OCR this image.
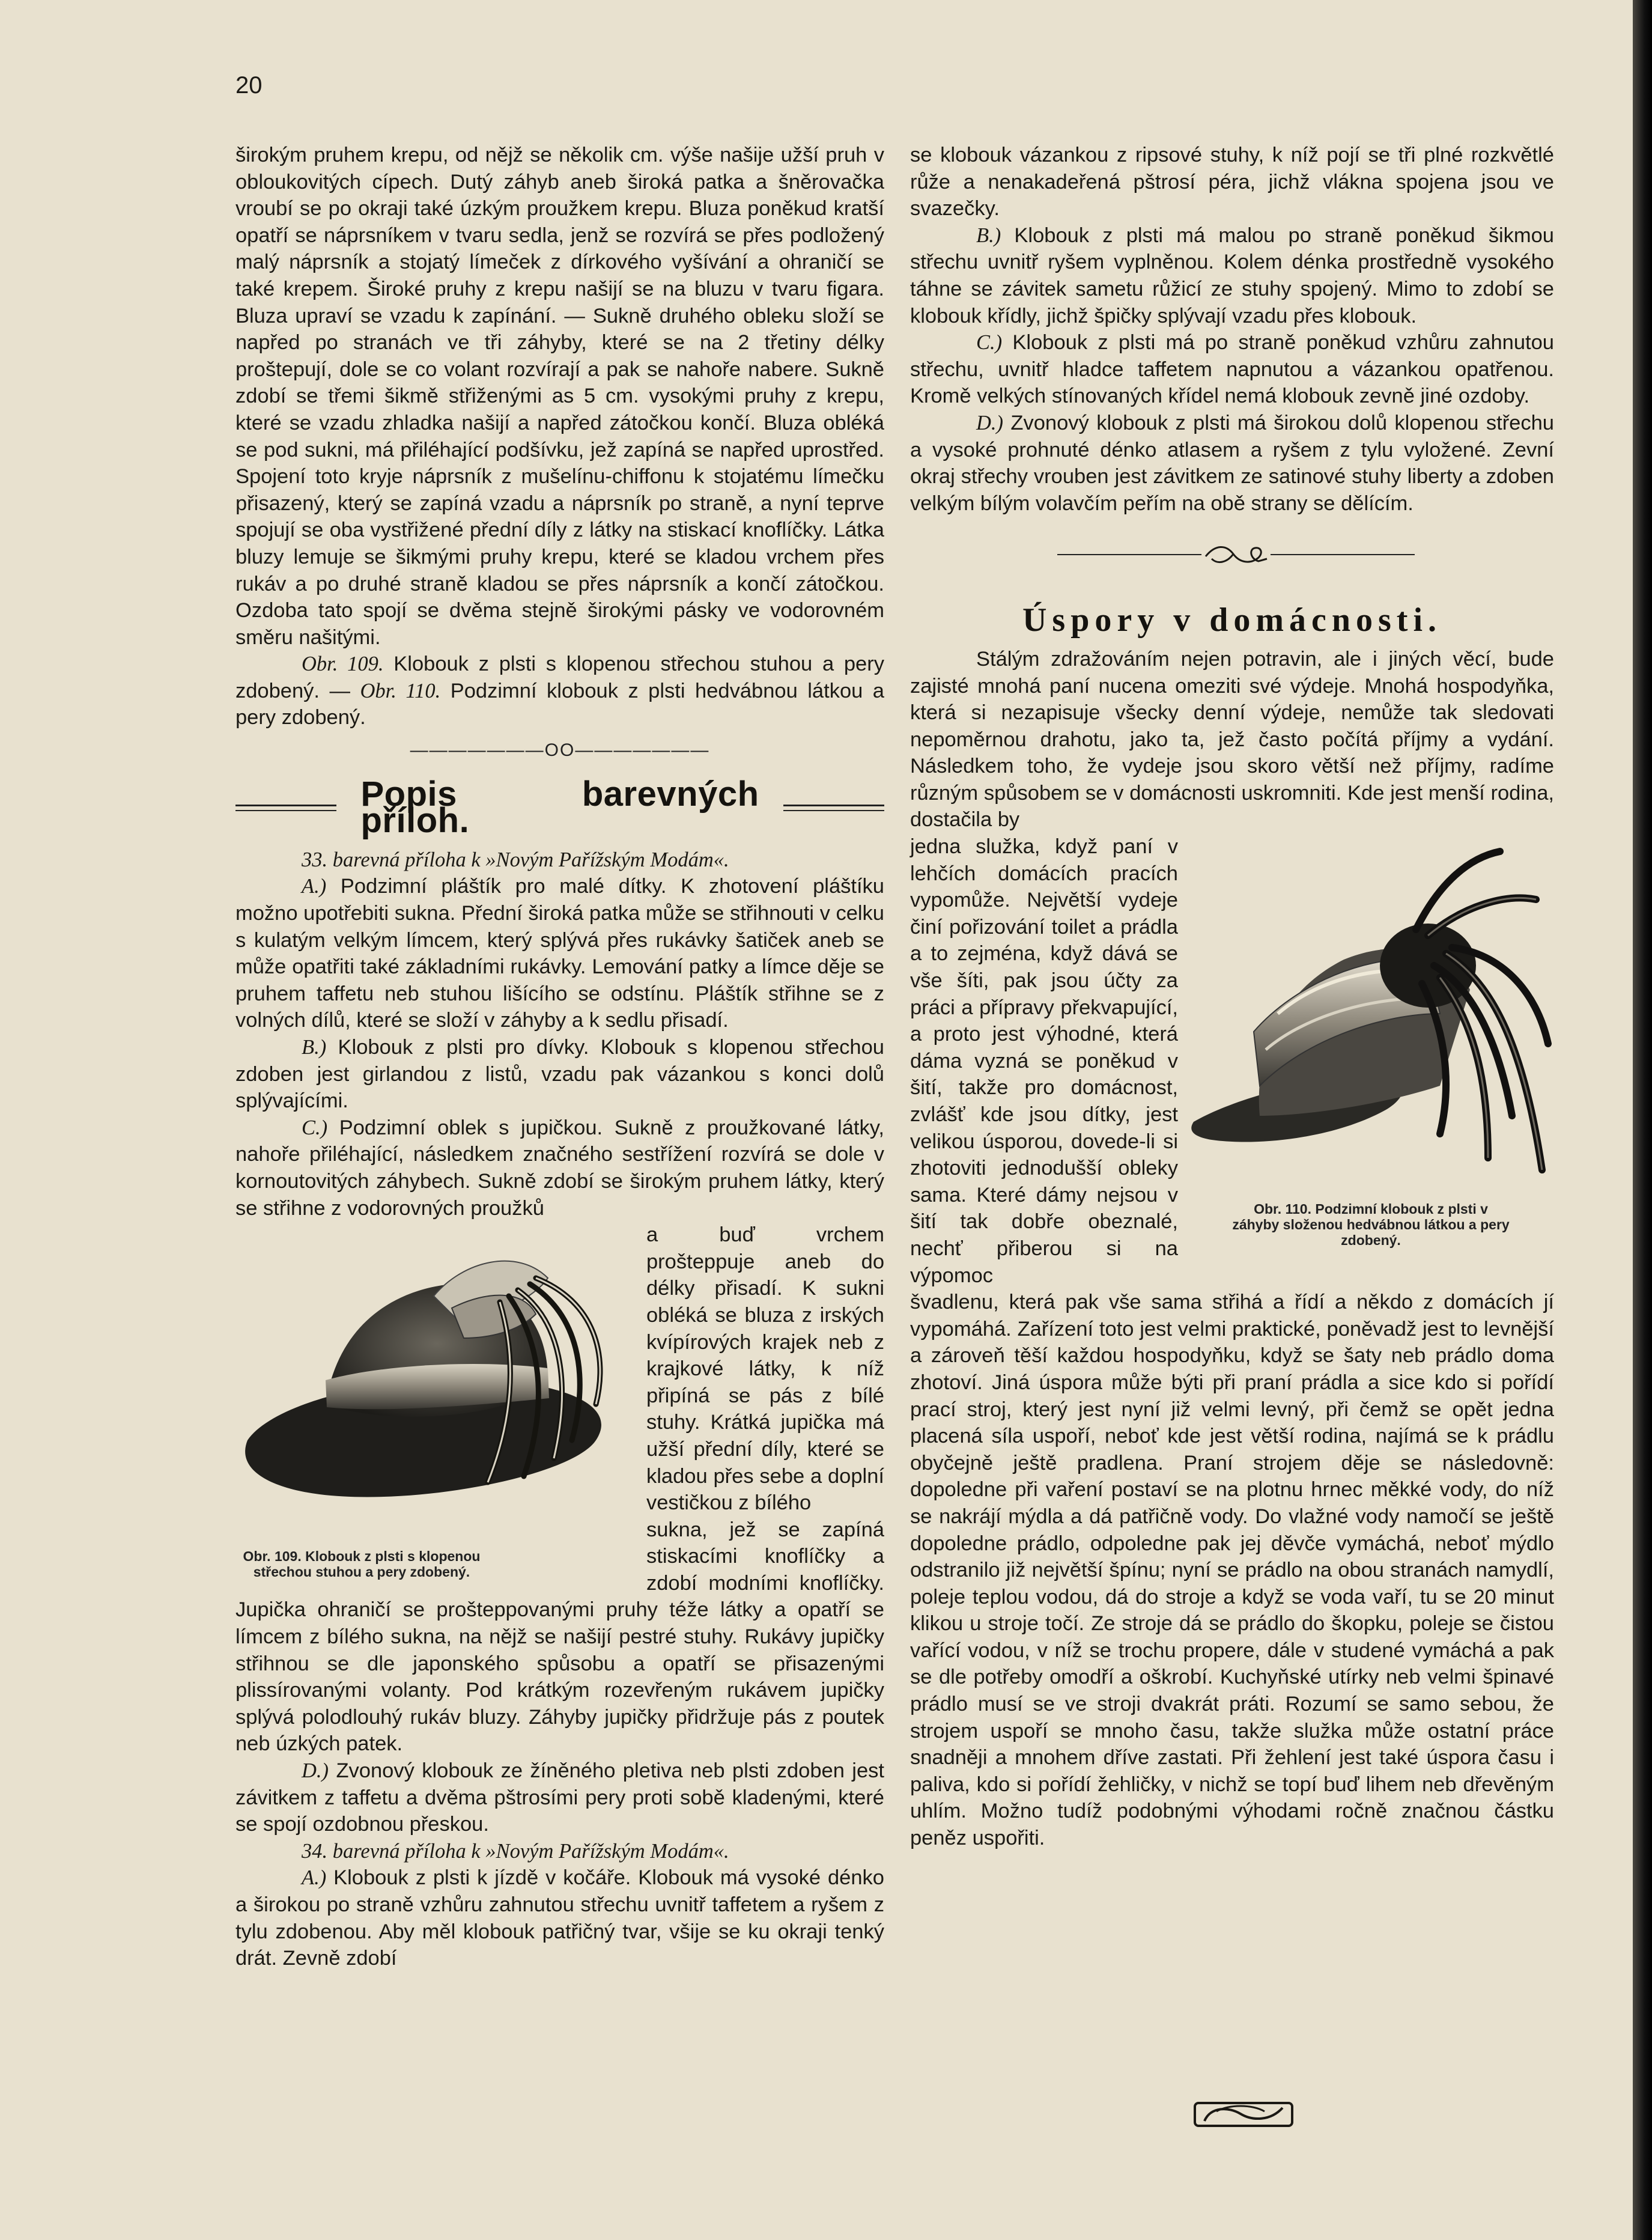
20

širokým pruhem krepu, od nějž se několik cm. výše našije užší pruh v obloukovitých cípech. Dutý záhyb aneb široká patka a šněrovačka vroubí se po okraji také úzkým proužkem krepu. Bluza poněkud kratší opatří se náprsníkem v tvaru sedla, jenž se rozvírá se přes podložený malý náprsník a stojatý límeček z dírkového vyšívání a ohraničí se také krepem. Široké pruhy z krepu našijí se na bluzu v tvaru figara. Bluza upraví se vzadu k zapínání. — Sukně druhého obleku složí se napřed po stranách ve tři záhyby, které se na 2 třetiny délky proštepují, dole se co volant rozvírají a pak se nahoře nabere. Sukně zdobí se třemi šikmě střiženými as 5 cm. vysokými pruhy z krepu, které se vzadu zhladka našijí a napřed zátočkou končí. Bluza obléká se pod sukni, má přiléhající podšívku, jež zapíná se napřed uprostřed. Spojení toto kryje náprsník z mušelínu-chiffonu k stojatému límečku přisazený, který se zapíná vzadu a náprsník po straně, a nyní teprve spojují se oba vystřižené přední díly z látky na stiskací knoflíčky. Látka bluzy lemuje se šikmými pruhy krepu, které se kladou vrchem přes rukáv a po druhé straně kladou se přes náprsník a končí zátočkou. Ozdoba tato spojí se dvěma stejně širokými pásky ve vodorovném směru našitými.

Obr. 109. Klobouk z plsti s klopenou střechou stuhou a pery zdobený. — Obr. 110. Podzimní klobouk z plsti hedvábnou látkou a pery zdobený.

———————OO———————
Popis barevných příloh.

33. barevná příloha k »Novým Pařížským Modám«.

A.) Podzimní pláštík pro malé dítky. K zhotovení pláštíku možno upotřebiti sukna. Přední široká patka může se střihnouti v celku s kulatým velkým límcem, který splývá přes rukávky šatiček aneb se může opatřiti také základními rukávky. Lemování patky a límce děje se pruhem taffetu neb stuhou lišícího se odstínu. Pláštík střihne se z volných dílů, které se složí v záhyby a k sedlu přisadí.

B.) Klobouk z plsti pro dívky. Klobouk s klopenou střechou zdoben jest girlandou z listů, vzadu pak vázankou s konci dolů splývajícími.

C.) Podzimní oblek s jupičkou. Sukně z proužkované látky, nahoře přiléhající, následkem značného sestřížení rozvírá se dole v kornoutovitých záhybech. Sukně zdobí se širokým pruhem látky, který se střihne z vodorovných proužků

Obr. 109. Klobouk z plsti s klopenou střechou stuhou a pery zdobený.

a buď vrchem prošteppuje aneb do délky přisadí. K sukni obléká se bluza z irských kvípírových krajek neb z krajkové látky, k níž připíná se pás z bílé stuhy. Krátká jupička má užší přední díly, které se kladou přes sebe a doplní vestičkou z bílého

sukna, jež se zapíná stiskacími knoflíčky a zdobí modními knoflíčky. Jupička ohraničí se prošteppovanými pruhy téže látky a opatří se límcem z bílého sukna, na nějž se našijí pestré stuhy. Rukávy jupičky střihnou se dle japonského spůsobu a opatří se přisazenými plissírovanými volanty. Pod krátkým rozevřeným rukávem jupičky splývá polodlouhý rukáv bluzy. Záhyby jupičky přidržuje pás z poutek neb úzkých patek.

D.) Zvonový klobouk ze žíněného pletiva neb plsti zdoben jest závitkem z taffetu a dvěma pštrosími pery proti sobě kladenými, které se spojí ozdobnou přeskou.

34. barevná příloha k »Novým Pařížským Modám«.

A.) Klobouk z plsti k jízdě v kočáře. Klobouk má vysoké dénko a širokou po straně vzhůru zahnutou střechu uvnitř taffetem a ryšem z tylu zdobenou. Aby měl klobouk patřičný tvar, všije se ku okraji tenký drát. Zevně zdobí

se klobouk vázankou z ripsové stuhy, k níž pojí se tři plné rozkvětlé růže a nenakadeřená pštrosí péra, jichž vlákna spojena jsou ve svazečky.

B.) Klobouk z plsti má malou po straně poněkud šikmou střechu uvnitř ryšem vyplněnou. Kolem dénka prostředně vysokého táhne se závitek sametu růžicí ze stuhy spojený. Mimo to zdobí se klobouk křídly, jichž špičky splývají vzadu přes klobouk.

C.) Klobouk z plsti má po straně poněkud vzhůru zahnutou střechu, uvnitř hladce taffetem napnutou a vázankou opatřenou. Kromě velkých stínovaných křídel nemá klobouk zevně jiné ozdoby.

D.) Zvonový klobouk z plsti má širokou dolů klopenou střechu a vysoké prohnuté dénko atlasem a ryšem z tylu vyložené. Zevní okraj střechy vrouben jest závitkem ze satinové stuhy liberty a zdoben velkým bílým volavčím peřím na obě strany se dělícím.

Úspory v domácnosti.

Stálým zdražováním nejen potravin, ale i jiných věcí, bude zajisté mnohá paní nucena omeziti své výdeje. Mnohá hospodyňka, která si nezapisuje všecky denní výdeje, nemůže tak sledovati nepoměrnou drahotu, jako ta, jež často počítá příjmy a vydání. Následkem toho, že vydeje jsou skoro větší než příjmy, radíme různým spůsobem se v domácnosti uskromniti. Kde jest menší rodina, dostačila by

Obr. 110. Podzimní klobouk z plsti v záhyby složenou hedvábnou látkou a pery zdobený.

jedna služka, když paní v lehčích domácích pracích vypomůže. Největší vydeje činí pořizování toilet a prádla a to zejména, když dává se vše šíti, pak jsou účty za práci a přípravy překvapující, a proto jest výhodné, která dáma vyzná se poněkud v šití, takže pro domácnost, zvlášť kde jsou dítky, jest velikou úsporou, dovede-li si zhotoviti jednodušší obleky sama. Které dámy nejsou v šití tak dobře obeznalé, nechť přiberou si na výpomoc

švadlenu, která pak vše sama střihá a řídí a někdo z domácích jí vypomáhá. Zařízení toto jest velmi praktické, poněvadž jest to levnější a zároveň těší každou hospodyňku, když se šaty neb prádlo doma zhotoví. Jiná úspora může býti při praní prádla a sice kdo si pořídí prací stroj, který jest nyní již velmi levný, při čemž se opět jedna placená síla uspoří, neboť kde jest větší rodina, najímá se k prádlu obyčejně ještě pradlena. Praní strojem děje se následovně: dopoledne při vaření postaví se na plotnu hrnec měkké vody, do níž se nakrájí mýdla a dá patřičně vody. Do vlažné vody namočí se ještě dopoledne prádlo, odpoledne pak jej děvče vymáchá, neboť mýdlo odstranilo již největší špínu; nyní se prádlo na obou stranách namydlí, poleje teplou vodou, dá do stroje a když se voda vaří, tu se 20 minut klikou u stroje točí. Ze stroje dá se prádlo do škopku, poleje se čistou vařící vodou, v níž se trochu propere, dále v studené vymáchá a pak se dle potřeby omodří a oškrobí. Kuchyňské utírky neb velmi špinavé prádlo musí se ve stroji dvakrát práti. Rozumí se samo sebou, že strojem uspoří se mnoho času, takže služka může ostatní práce snadněji a mnohem dříve zastati. Při žehlení jest také úspora času i paliva, kdo si pořídí žehličky, v nichž se topí buď lihem neb dřevěným uhlím. Možno tudíž podobnými výhodami ročně značnou částku peněz uspořiti.
